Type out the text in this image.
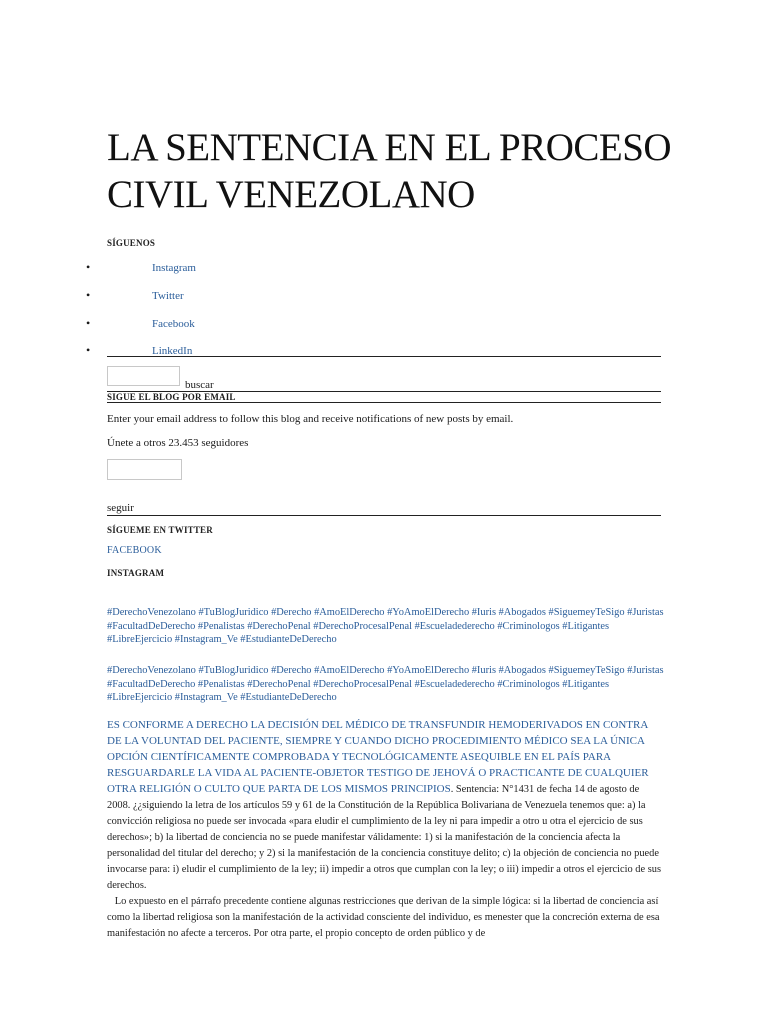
LA SENTENCIA EN EL PROCESO CIVIL VENEZOLANO
SÍGUENOS
•	Instagram
•	Twitter
•	Facebook
•	LinkedIn
buscar
SIGUE EL BLOG POR EMAIL
Enter your email address to follow this blog and receive notifications of new posts by email.
Únete a otros 23.453 seguidores
seguir
SÍGUEME EN TWITTER
FACEBOOK
INSTAGRAM

#DerechoVenezolano #TuBlogJuridico #Derecho #AmoElDerecho #YoAmoElDerecho #Iuris #Abogados #SiguemeyTeSigo #Juristas #FacultadDeDerecho #Penalistas #DerechoPenal #DerechoProcesalPenal #Escueladederecho #Criminologos #Litigantes #LibreEjercicio #Instagram_Ve #EstudianteDeDerecho

#DerechoVenezolano #TuBlogJuridico #Derecho #AmoElDerecho #YoAmoElDerecho #Iuris #Abogados #SiguemeyTeSigo #Juristas #FacultadDeDerecho #Penalistas #DerechoPenal #DerechoProcesalPenal #Escueladederecho #Criminologos #Litigantes #LibreEjercicio #Instagram_Ve #EstudianteDeDerecho

ES CONFORME A DERECHO LA DECISIÓN DEL MÉDICO DE TRANSFUNDIR HEMODERIVADOS EN CONTRA DE LA VOLUNTAD DEL PACIENTE, SIEMPRE Y CUANDO DICHO PROCEDIMIENTO MÉDICO SEA LA ÚNICA OPCIÓN CIENTÍFICAMENTE COMPROBADA Y TECNOLÓGICAMENTE ASEQUIBLE EN EL PAÍS PARA RESGUARDARLE LA VIDA AL PACIENTE-OBJETOR TESTIGO DE JEHOVÁ O PRACTICANTE DE CUALQUIER OTRA RELIGIÓN O CULTO QUE PARTA DE LOS MISMOS PRINCIPIOS. Sentencia: N°1431 de fecha 14 de agosto de 2008. ¿¿siguiendo la letra de los artículos 59 y 61 de la Constitución de la República Bolivariana de Venezuela tenemos que: a) la convicción religiosa no puede ser invocada «para eludir el cumplimiento de la ley ni para impedir a otro u otra el ejercicio de sus derechos»; b) la libertad de conciencia no se puede manifestar válidamente: 1) si la manifestación de la conciencia afecta la personalidad del titular del derecho; y 2) si la manifestación de la conciencia constituye delito; c) la objeción de conciencia no puede invocarse para: i) eludir el cumplimiento de la ley; ii) impedir a otros que cumplan con la ley; o iii) impedir a otros el ejercicio de sus derechos.
Lo expuesto en el párrafo precedente contiene algunas restricciones que derivan de la simple lógica: si la libertad de conciencia así como la libertad religiosa son la manifestación de la actividad consciente del individuo, es menester que la concreción externa de esa manifestación no afecte a terceros. Por otra parte, el propio concepto de orden público y de
